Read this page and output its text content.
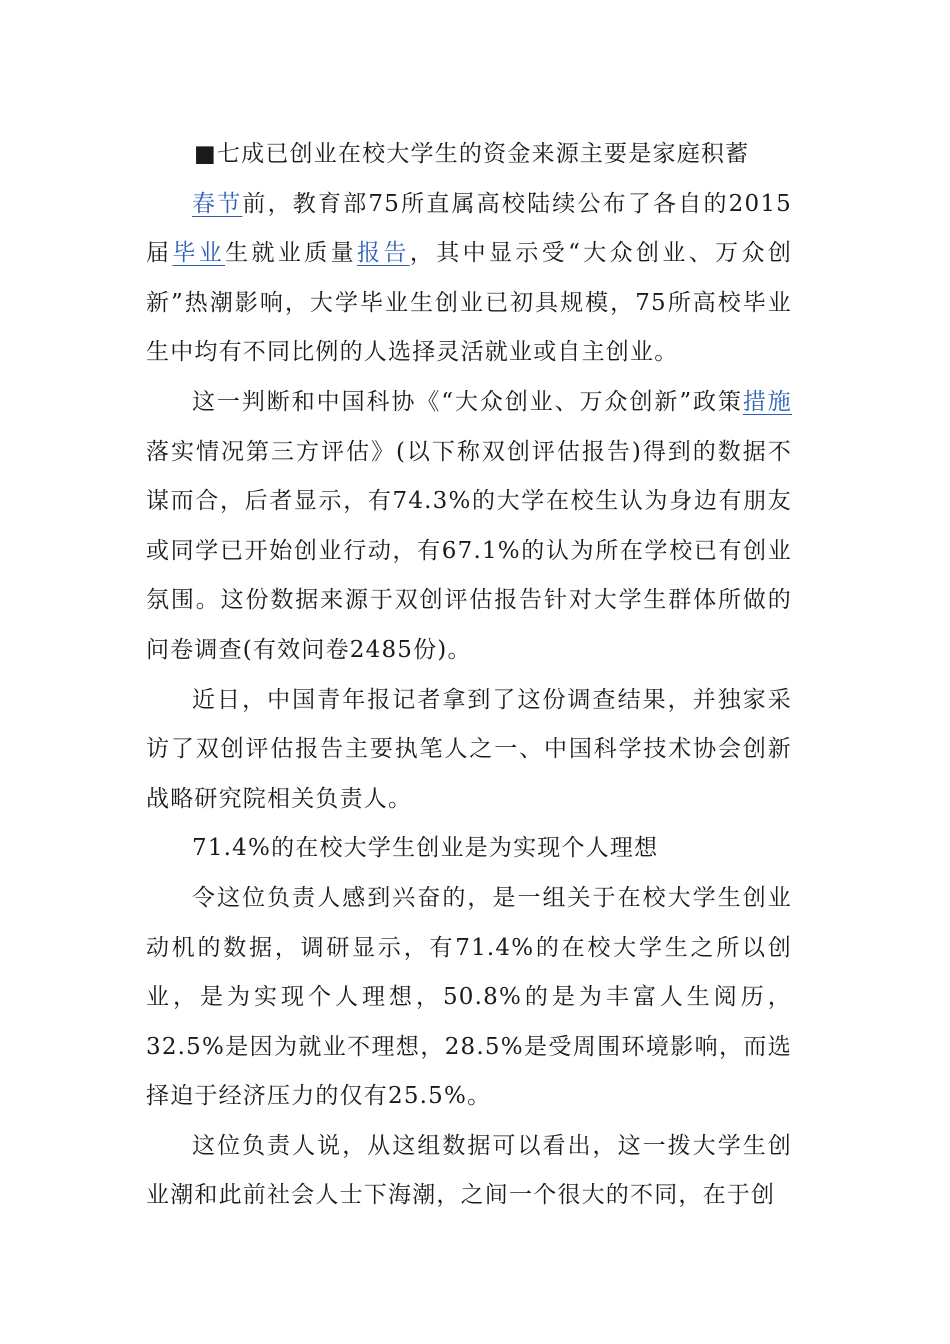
■七成已创业在校大学生的资金来源主要是家庭积蓄

春节前，教育部75所直属高校陆续公布了各自的2015届毕业生就业质量报告，其中显示受“大众创业、万众创新”热潮影响，大学毕业生创业已初具规模，75所高校毕业生中均有不同比例的人选择灵活就业或自主创业。

这一判断和中国科协《“大众创业、万众创新”政策措施落实情况第三方评估》(以下称双创评估报告)得到的数据不谋而合，后者显示，有74.3%的大学在校生认为身边有朋友或同学已开始创业行动，有67.1%的认为所在学校已有创业氛围。这份数据来源于双创评估报告针对大学生群体所做的问卷调查(有效问卷2485份)。

近日，中国青年报记者拿到了这份调查结果，并独家采访了双创评估报告主要执笔人之一、中国科学技术协会创新战略研究院相关负责人。

71.4%的在校大学生创业是为实现个人理想

令这位负责人感到兴奋的，是一组关于在校大学生创业动机的数据，调研显示，有71.4%的在校大学生之所以创业，是为实现个人理想，50.8%的是为丰富人生阅历，32.5%是因为就业不理想，28.5%是受周围环境影响，而选择迫于经济压力的仅有25.5%。

这位负责人说，从这组数据可以看出，这一拨大学生创业潮和此前社会人士下海潮，之间一个很大的不同，在于创
